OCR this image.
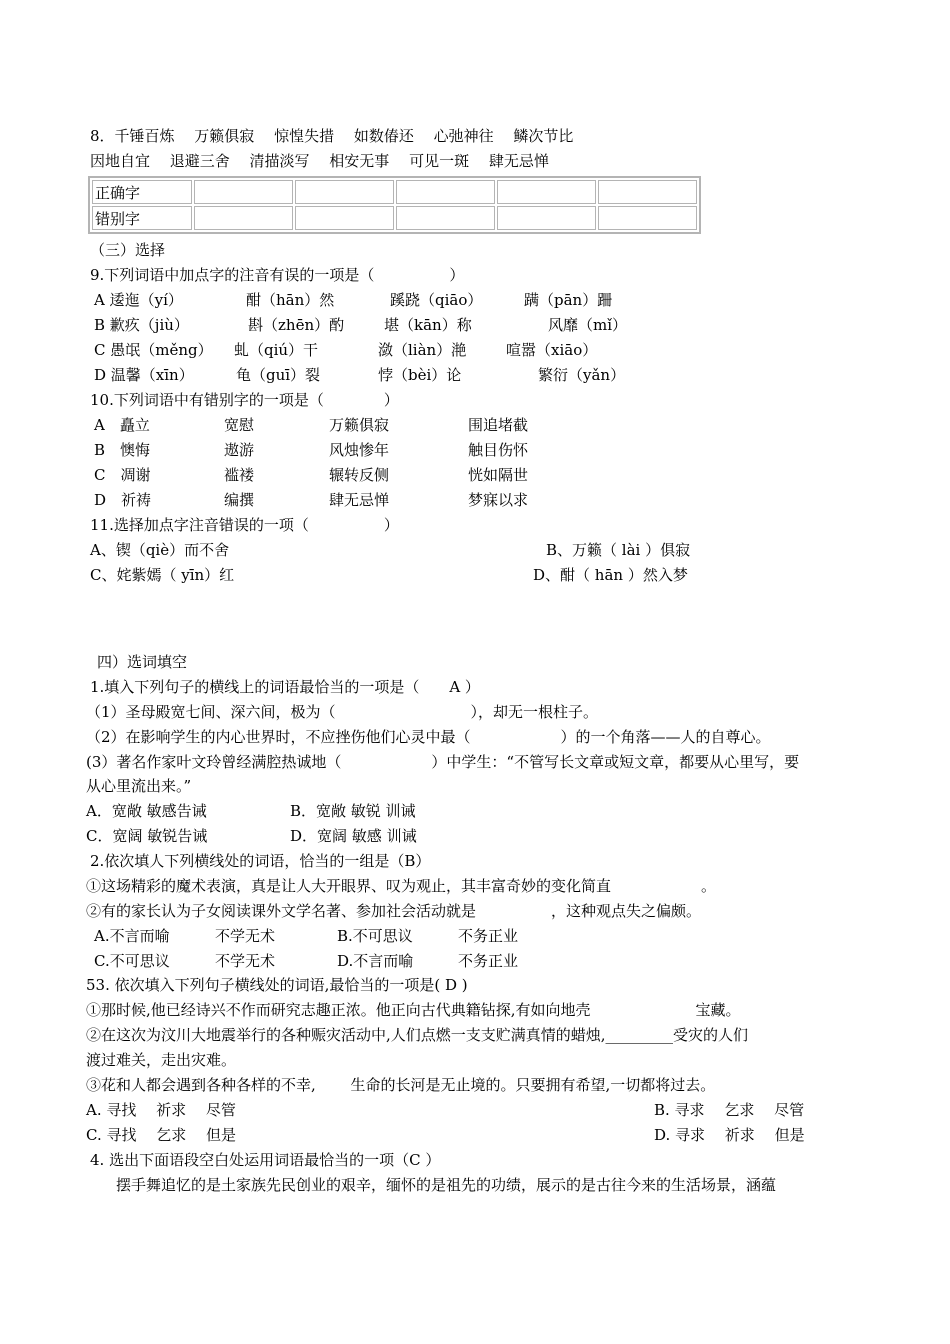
8．千锤百炼　 万籁俱寂　 惊惶失措　 如数偆还　 心弛神往　 鳞次节比
因地自宜　 退避三舍　 清描淡写　 相安无事　 可见一斑　 肆无忌惮
正确字					
错别字					
（三）选择
9.下列词语中加点字的注音有误的一项是（　　　　　）
A 逶迤（yí）	酣（hān）然	蹊跷（qiāo）	蹒（pān）跚
B 歉疚（jiù）	斟（zhēn）酌	堪（kān）称	风靡（mǐ）
C 愚氓（měng） 虬（qiú）干	潋（liàn）滟	喧嚣（xiāo）
D 温馨（xīn）	龟（guī）裂	悖（bèi）论	繁衍（yǎn）
10.下列词语中有错别字的一项是（　　　　）
A　矗立	宽慰	万籁俱寂	围追堵截
B　懊悔	遨游	风烛惨年	触目伤怀
C　凋谢	褴褛	辗转反侧	恍如隔世
D　祈祷	编撰	肆无忌惮	梦寐以求
11.选择加点字注音错误的一项（　　　　　）
A、锲（qiè）而不舍	B、万籁（ lài ）俱寂
C、姹紫嫣（ yīn）红	D、酣（ hān ）然入梦
四）选词填空
1.填入下列句子的横线上的词语最恰当的一项是（　　A ）
（1）圣母殿宽七间、深六间，极为（　　　　　　　　　），却无一根柱子。
（2）在影响学生的内心世界时，不应挫伤他们心灵中最（　　　　　　）的一个角落——人的自尊心。
(3）著名作家叶文玲曾经满腔热诚地（　　　　　　）中学生：“不管写长文章或短文章，都要从心里写，要
从心里流出来。”
A．宽敞 敏感告诫	B．宽敞 敏锐 训诫
C．宽阔 敏锐告诫	D．宽阔 敏感 训诫
2.依次填人下列横线处的词语，恰当的一组是（B）
①这场精彩的魔术表演，真是让人大开眼界、叹为观止，其丰富奇妙的变化简直　　　　　　。
②有的家长认为子女阅读课外文学名著、参加社会活动就是　　　　　，这种观点失之偏颇。
A.不言而喻	不学无术	B.不可思议	不务正业
C.不可思议	不学无术	D.不言而喻	不务正业
53. 依次填入下列句子横线处的词语,最恰当的一项是( D )
①那时候,他已经诗兴不作而研究志趣正浓。他正向古代典籍钻探,有如向地壳　　　　　　　宝藏。
②在这次为汶川大地震举行的各种赈灾活动中,人们点燃一支支贮满真情的蜡烛,_________受灾的人们
渡过难关，走出灾难。
③花和人都会遇到各种各样的不幸,　　 生命的长河是无止境的。只要拥有希望,一切都将过去。
A. 寻找　 祈求　 尽管	B. 寻求　 乞求　 尽管
C. 寻找　 乞求　 但是	D. 寻求　 祈求　 但是
4. 选出下面语段空白处运用词语最恰当的一项（C ）
　　摆手舞追忆的是土家族先民创业的艰辛，缅怀的是祖先的功绩，展示的是古往今来的生活场景，涵蕴
